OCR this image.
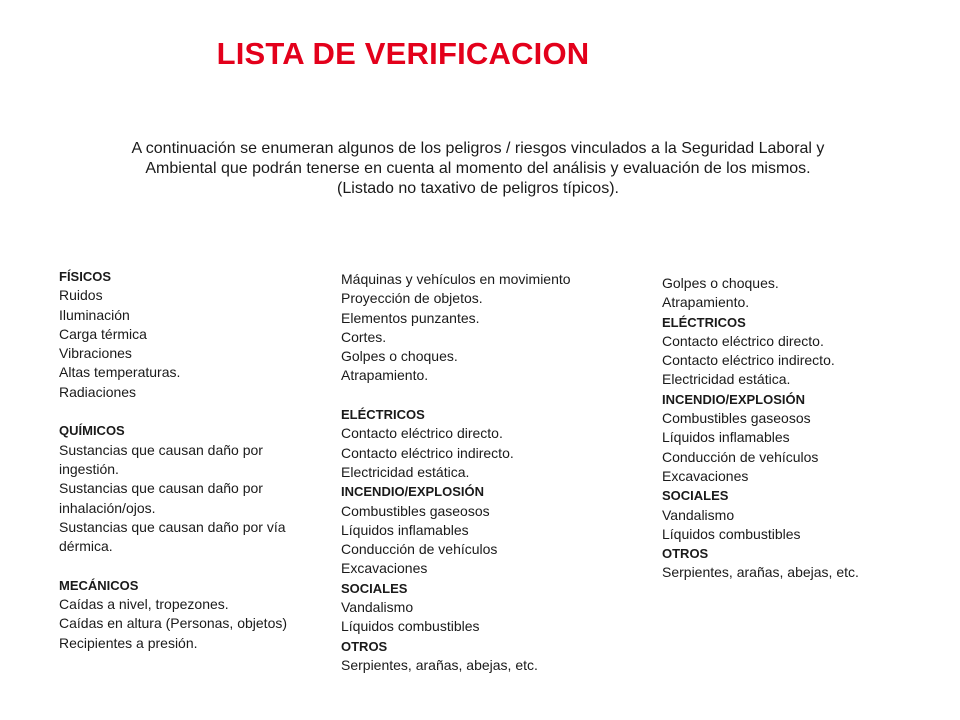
LISTA DE VERIFICACION

A continuación se enumeran algunos de los peligros / riesgos vinculados a la Seguridad Laboral y

Ambiental que podrán tenerse en cuenta al momento del análisis y evaluación de los mismos.

(Listado no taxativo de peligros típicos).

FÍSICOS
Ruidos
Iluminación
Carga térmica
Vibraciones
Altas temperaturas.
Radiaciones
QUÍMICOS
Sustancias que causan daño por ingestión.
Sustancias que causan daño por inhalación/ojos.
Sustancias que causan daño por vía dérmica.
MECÁNICOS
Caídas a nivel, tropezones.
Caídas en altura (Personas, objetos)
Recipientes a presión.
Máquinas y vehículos en movimiento
Proyección de objetos.
Elementos punzantes.
Cortes.
Golpes o choques.
Atrapamiento.
ELÉCTRICOS
Contacto eléctrico directo.
Contacto eléctrico indirecto.
Electricidad estática.
INCENDIO/EXPLOSIÓN
Combustibles gaseosos
Líquidos inflamables
Conducción de vehículos
Excavaciones
SOCIALES
Vandalismo
Líquidos combustibles
OTROS
Serpientes, arañas, abejas, etc.
Golpes o choques.
Atrapamiento.
ELÉCTRICOS
Contacto eléctrico directo.
Contacto eléctrico indirecto.
Electricidad estática.
INCENDIO/EXPLOSIÓN
Combustibles gaseosos
Líquidos inflamables
Conducción de vehículos
Excavaciones
SOCIALES
Vandalismo
Líquidos combustibles
OTROS
Serpientes, arañas, abejas, etc.
